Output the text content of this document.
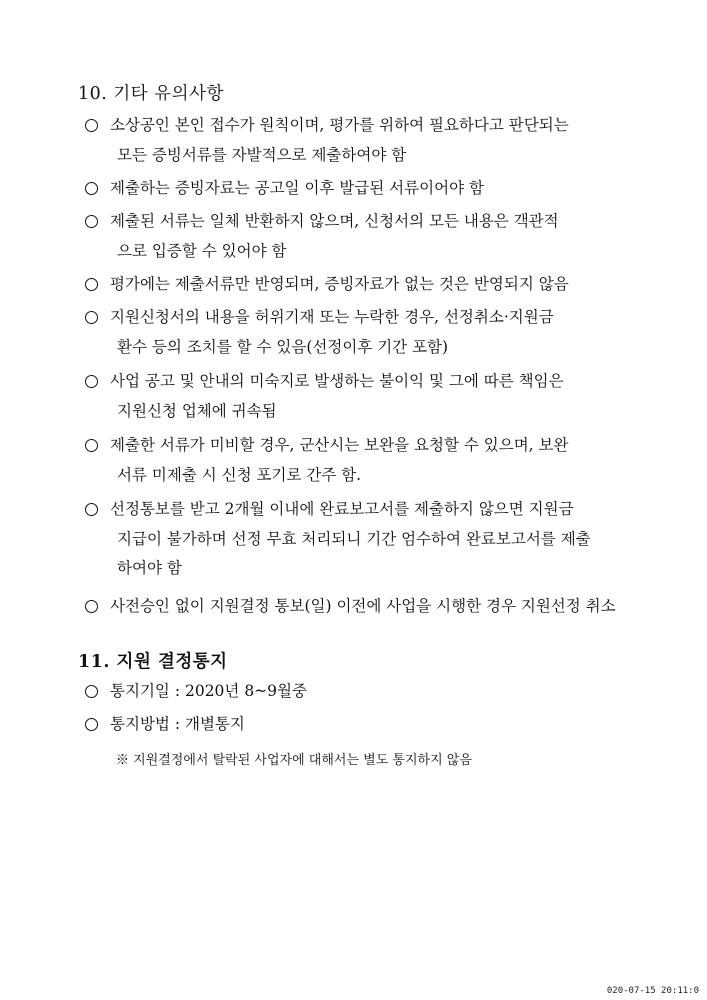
10. 기타 유의사항
소상공인 본인 접수가 원칙이며, 평가를 위하여 필요하다고 판단되는
모든 증빙서류를 자발적으로 제출하여야 함
제출하는 증빙자료는 공고일 이후 발급된 서류이어야 함
제출된 서류는 일체 반환하지 않으며, 신청서의 모든 내용은 객관적
으로 입증할 수 있어야 함
평가에는 제출서류만 반영되며, 증빙자료가 없는 것은 반영되지 않음
지원신청서의 내용을 허위기재 또는 누락한 경우, 선정취소·지원금
환수 등의 조치를 할 수 있음(선정이후 기간 포함)
사업 공고 및 안내의 미숙지로 발생하는 불이익 및 그에 따른 책임은
지원신청 업체에 귀속됨
제출한 서류가 미비할 경우, 군산시는 보완을 요청할 수 있으며, 보완
서류 미제출 시 신청 포기로 간주 함.
선정통보를 받고 2개월 이내에 완료보고서를 제출하지 않으면 지원금
지급이 불가하며 선정 무효 처리되니 기간 엄수하여 완료보고서를 제출
하여야 함
사전승인 없이 지원결정 통보(일) 이전에 사업을 시행한 경우 지원선정 취소
11. 지원 결정통지
통지기일 : 2020년 8~9월중
통지방법 : 개별통지
※ 지원결정에서 탈락된 사업자에 대해서는 별도 통지하지 않음
020-07-15 20:11:0
